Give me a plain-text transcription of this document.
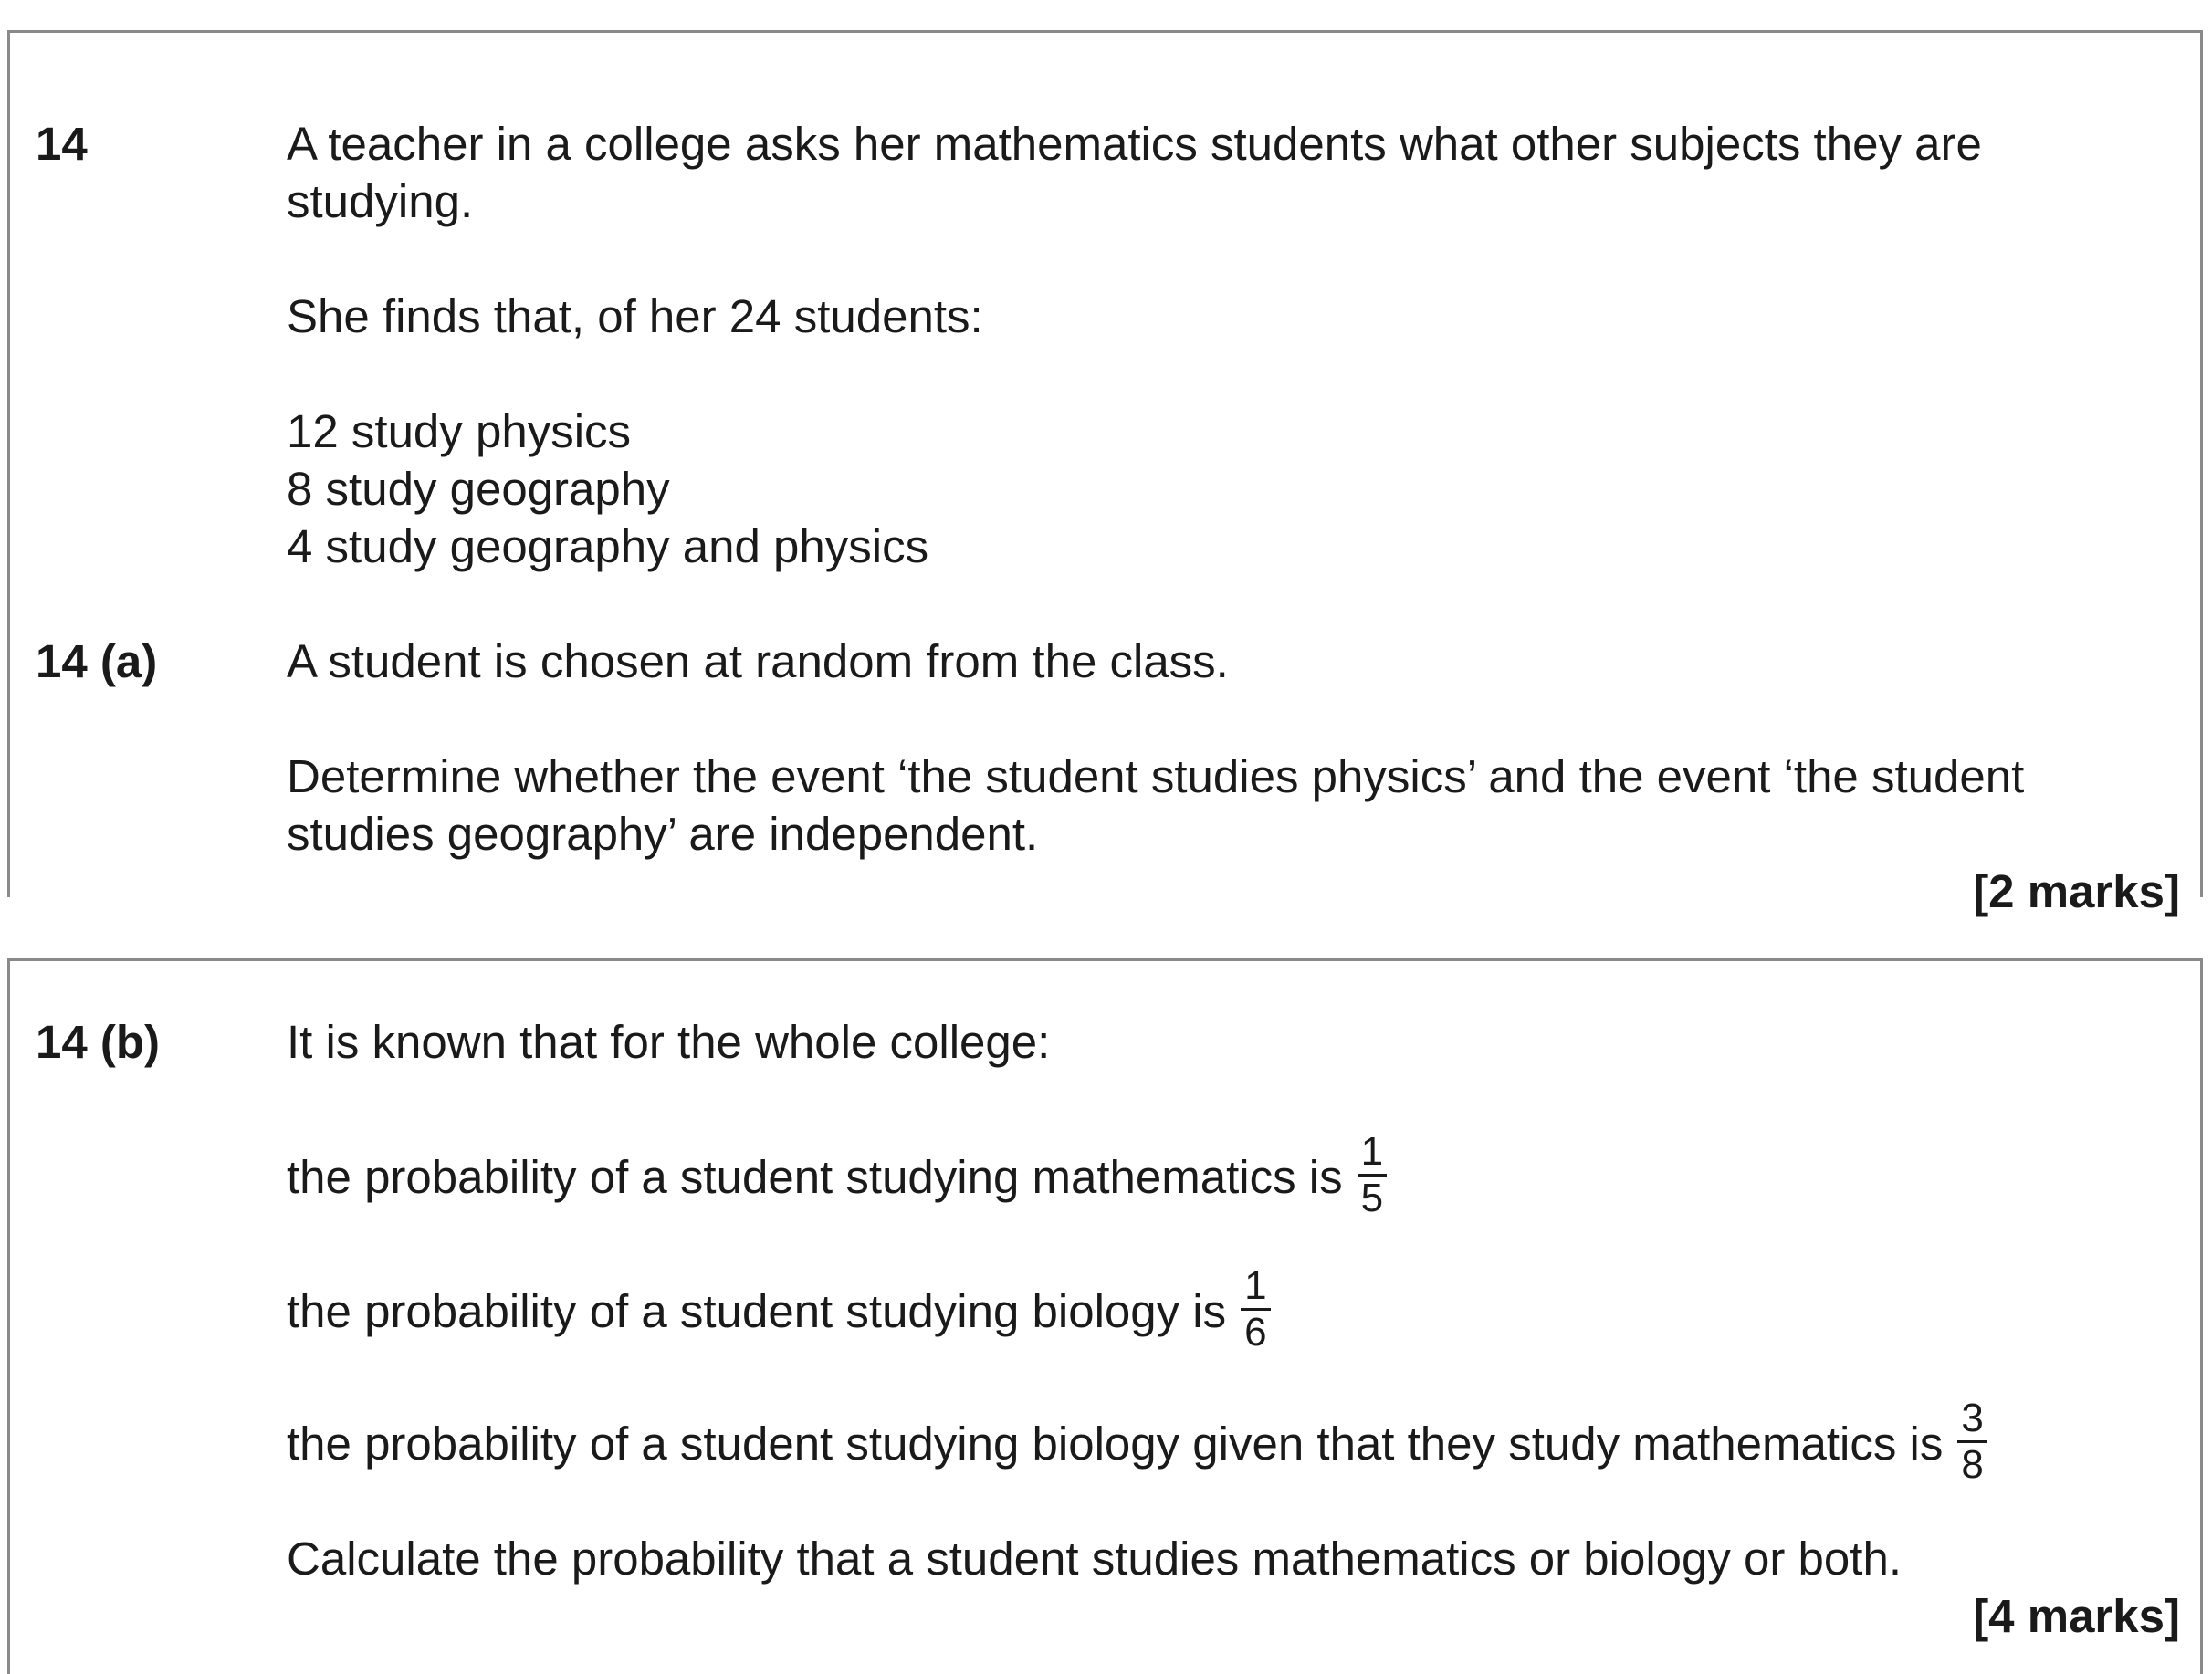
14	A teacher in a college asks her mathematics students what other subjects they are
studying.
She finds that, of her 24 students:
12 study physics
8 study geography
4 study geography and physics
14 (a)	A student is chosen at random from the class.
Determine whether the event ‘the student studies physics’ and the event ‘the student
studies geography’ are independent.
[2 marks]
14 (b)	It is known that for the whole college:
the probability of a student studying mathematics is $\frac{1}{5}$
the probability of a student studying biology is $\frac{1}{6}$
the probability of a student studying biology given that they study mathematics is $\frac{3}{8}$
Calculate the probability that a student studies mathematics or biology or both.
[4 marks]
